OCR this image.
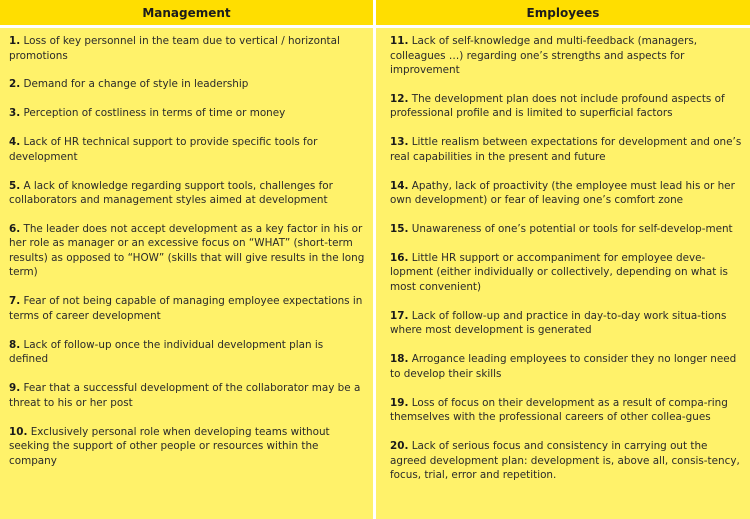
Management

1. Loss of key personnel in the team due to vertical / horizontal promotions

2. Demand for a change of style in leadership

3. Perception of costliness in terms of time or money

4. Lack of HR technical support to provide specific tools for development

5. A lack of knowledge regarding support tools, challenges for collaborators and management styles aimed at development

6. The leader does not accept development as a key factor in his or her role as manager or an excessive focus on “WHAT” (short-term results) as opposed to “HOW” (skills that will give results in the long term)

7. Fear of not being capable of managing employee expectations in terms of career development

8. Lack of follow-up once the individual development plan is defined

9. Fear that a successful development of the collaborator may be a threat to his or her post

10. Exclusively personal role when developing teams without seeking the support of other people or resources within the company

Employees

11. Lack of self-knowledge and multi-feedback (managers, colleagues …) regarding one’s strengths and aspects for improvement

12. The development plan does not include profound aspects of professional profile and is limited to superficial factors

13. Little realism between expectations for development and one’s real capabilities in the present and future

14. Apathy, lack of proactivity (the employee must lead his or her own development) or fear of leaving one’s comfort zone

15. Unawareness of one’s potential or tools for self-develop-ment

16. Little HR support or accompaniment for employee deve-lopment (either individually or collectively, depending on what is most convenient)

17. Lack of follow-up and practice in day-to-day work situa-tions where most development is generated

18. Arrogance leading employees to consider they no longer need to develop their skills

19. Loss of focus on their development as a result of compa-ring themselves with the professional careers of other collea-gues

20. Lack of serious focus and consistency in carrying out the agreed development plan: development is, above all, consis-tency, focus, trial, error and repetition.
